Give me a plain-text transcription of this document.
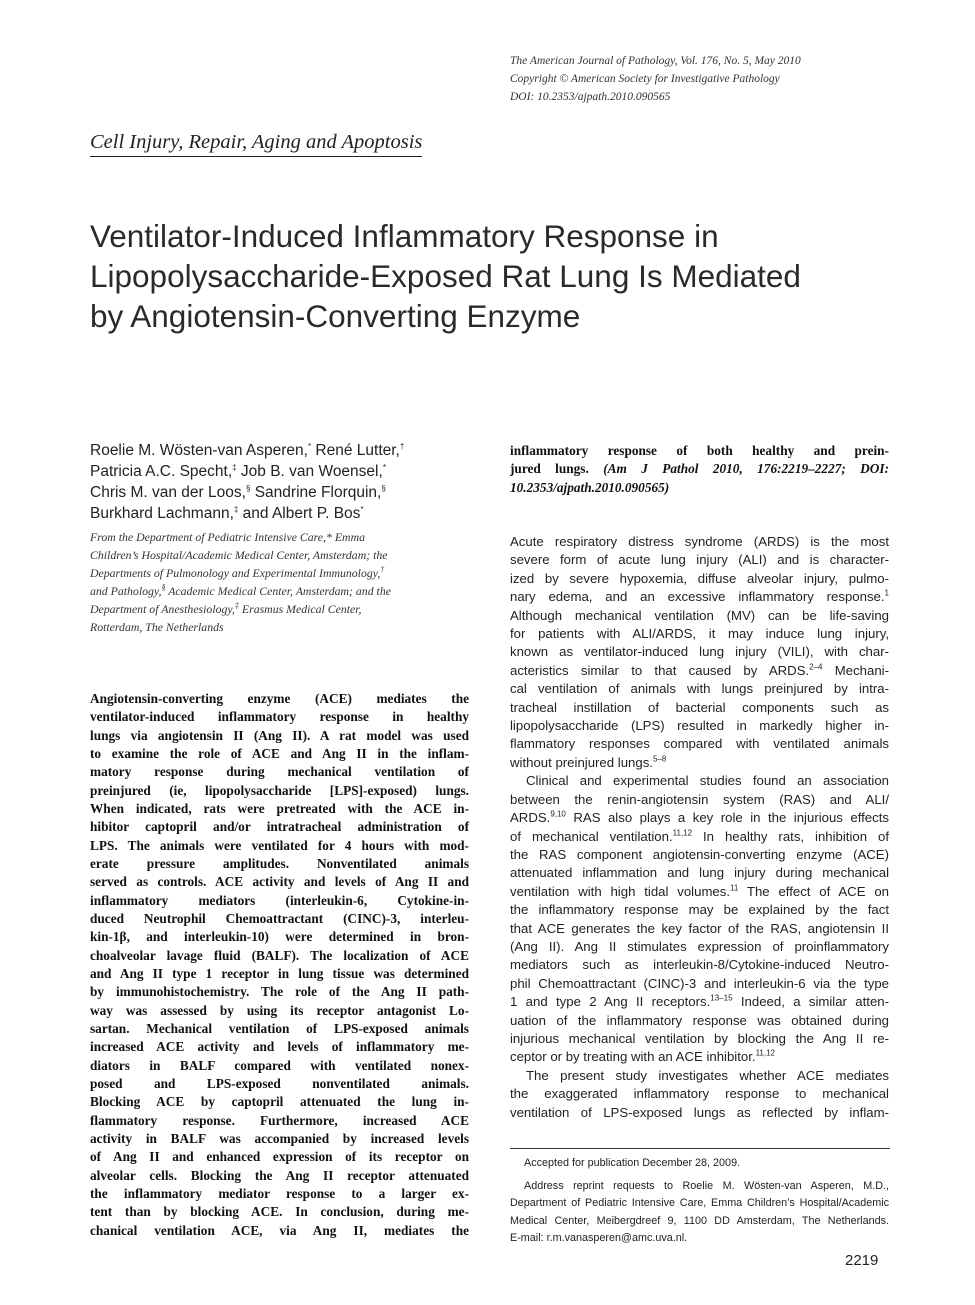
The American Journal of Pathology, Vol. 176, No. 5, May 2010
Copyright © American Society for Investigative Pathology
DOI: 10.2353/ajpath.2010.090565
Cell Injury, Repair, Aging and Apoptosis
Ventilator-Induced Inflammatory Response in
Lipopolysaccharide-Exposed Rat Lung Is Mediated
by Angiotensin-Converting Enzyme
Roelie M. Wösten-van Asperen,* René Lutter,†
Patricia A.C. Specht,‡ Job B. van Woensel,*
Chris M. van der Loos,§ Sandrine Florquin,§
Burkhard Lachmann,‡ and Albert P. Bos*
From the Department of Pediatric Intensive Care,* Emma
Children’s Hospital/Academic Medical Center, Amsterdam; the
Departments of Pulmonology and Experimental Immunology,†
and Pathology,§ Academic Medical Center, Amsterdam; and the
Department of Anesthesiology,‡ Erasmus Medical Center,
Rotterdam, The Netherlands
Angiotensin-converting enzyme (ACE) mediates the
ventilator-induced inflammatory response in healthy
lungs via angiotensin II (Ang II). A rat model was used
to examine the role of ACE and Ang II in the inflam-
matory response during mechanical ventilation of
preinjured (ie, lipopolysaccharide [LPS]-exposed) lungs.
When indicated, rats were pretreated with the ACE in-
hibitor captopril and/or intratracheal administration of
LPS. The animals were ventilated for 4 hours with mod-
erate pressure amplitudes. Nonventilated animals
served as controls. ACE activity and levels of Ang II and
inflammatory mediators (interleukin-6, Cytokine-in-
duced Neutrophil Chemoattractant (CINC)-3, interleu-
kin-1β, and interleukin-10) were determined in bron-
choalveolar lavage fluid (BALF). The localization of ACE
and Ang II type 1 receptor in lung tissue was determined
by immunohistochemistry. The role of the Ang II path-
way was assessed by using its receptor antagonist Lo-
sartan. Mechanical ventilation of LPS-exposed animals
increased ACE activity and levels of inflammatory me-
diators in BALF compared with ventilated nonex-
posed and LPS-exposed nonventilated animals.
Blocking ACE by captopril attenuated the lung in-
flammatory response. Furthermore, increased ACE
activity in BALF was accompanied by increased levels
of Ang II and enhanced expression of its receptor on
alveolar cells. Blocking the Ang II receptor attenuated
the inflammatory mediator response to a larger ex-
tent than by blocking ACE. In conclusion, during me-
chanical ventilation ACE, via Ang II, mediates the
inflammatory response of both healthy and prein-
jured lungs. (Am J Pathol 2010, 176:2219–2227; DOI:
10.2353/ajpath.2010.090565)
Acute respiratory distress syndrome (ARDS) is the most
severe form of acute lung injury (ALI) and is character-
ized by severe hypoxemia, diffuse alveolar injury, pulmo-
nary edema, and an excessive inflammatory response.$^1$
Although mechanical ventilation (MV) can be life-saving
for patients with ALI/ARDS, it may induce lung injury,
known as ventilator-induced lung injury (VILI), with char-
acteristics similar to that caused by ARDS.$^{2-4}$ Mechani-
cal ventilation of animals with lungs preinjured by intra-
tracheal instillation of bacterial components such as
lipopolysaccharide (LPS) resulted in markedly higher in-
flammatory responses compared with ventilated animals
without preinjured lungs.$^{5-8}$
Clinical and experimental studies found an association
between the renin-angiotensin system (RAS) and ALI/
ARDS.$^{9,10}$ RAS also plays a key role in the injurious effects
of mechanical ventilation.$^{11,12}$ In healthy rats, inhibition of
the RAS component angiotensin-converting enzyme (ACE)
attenuated inflammation and lung injury during mechanical
ventilation with high tidal volumes.$^{11}$ The effect of ACE on
the inflammatory response may be explained by the fact
that ACE generates the key factor of the RAS, angiotensin II
(Ang II). Ang II stimulates expression of proinflammatory
mediators such as interleukin-8/Cytokine-induced Neutro-
phil Chemoattractant (CINC)-3 and interleukin-6 via the type
1 and type 2 Ang II receptors.$^{13-15}$ Indeed, a similar atten-
uation of the inflammatory response was obtained during
injurious mechanical ventilation by blocking the Ang II re-
ceptor or by treating with an ACE inhibitor.$^{11,12}$
The present study investigates whether ACE mediates
the exaggerated inflammatory response to mechanical
ventilation of LPS-exposed lungs as reflected by inflam-
Accepted for publication December 28, 2009.
Address reprint requests to Roelie M. Wösten-van Asperen, M.D.,
Department of Pediatric Intensive Care, Emma Children’s Hospital/Academic
Medical Center, Meibergdreef 9, 1100 DD Amsterdam, The Netherlands.
E-mail: r.m.vanasperen@amc.uva.nl.
2219
